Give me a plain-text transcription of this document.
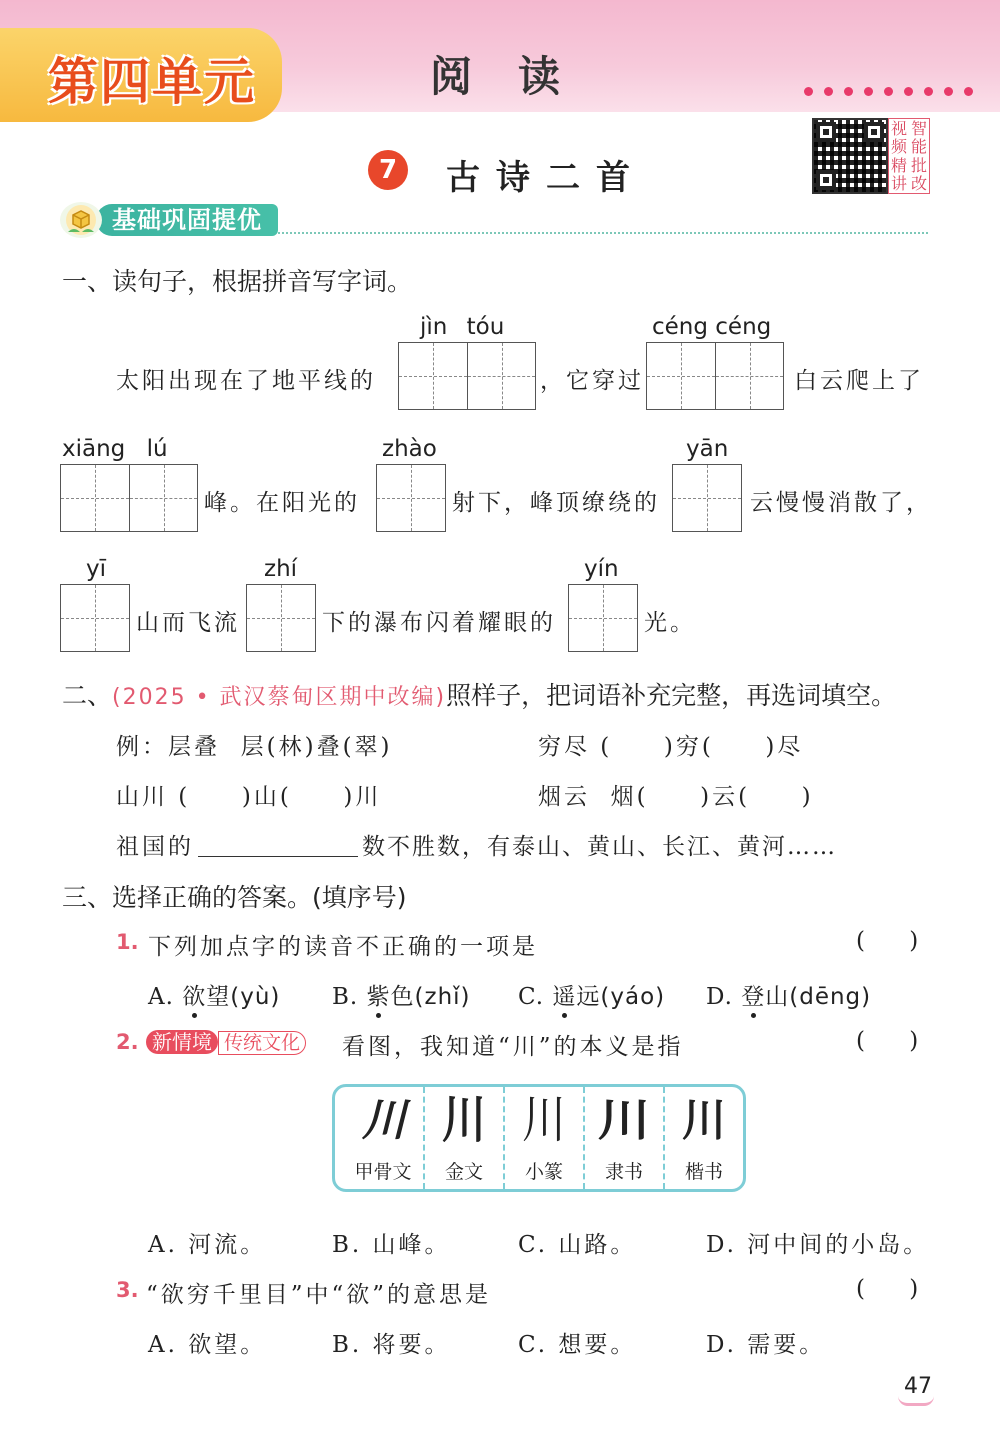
第四单元	阅读
视 智
频 能
精 批
讲 改
7	古诗二首
基础巩固提优
一、读句子，根据拼音写字词。
jìn tóu	céng céng
太阳出现在了地平线的	，它穿过	白云爬上了
xiāng lú	zhào	yān
峰。在阳光的	射下，峰顶缭绕的	云慢慢消散了，
yī	zhí	yín
山而飞流	下的瀑布闪着耀眼的	光。
二、(2025 • 武汉蔡甸区期中改编)照样子，把词语补充完整，再选词填空。
例：层叠  层(林)叠(翠)	穷尽 (     )穷(     )尽
山川 (     )山(     )川	烟云  烟(     )云(     )
祖国的	数不胜数，有泰山、黄山、长江、黄河……
三、选择正确的答案。(填序号)
1. 下列加点字的读音不正确的一项是	(    )
A. 欲望(yù) B. 紫色(zhǐ) C. 遥远(yáo) D. 登山(dēng)
2. 新情境 传统文化 看图，我知道“川”的本义是指	(    )
川
甲骨文
川
金文
川
小篆
川
隶书
川
楷书
A. 河流。	B. 山峰。	C. 山路。	D. 河中间的小岛。
3. “欲穷千里目”中“欲”的意思是	(    )
A. 欲望。	B. 将要。	C. 想要。	D. 需要。
47
